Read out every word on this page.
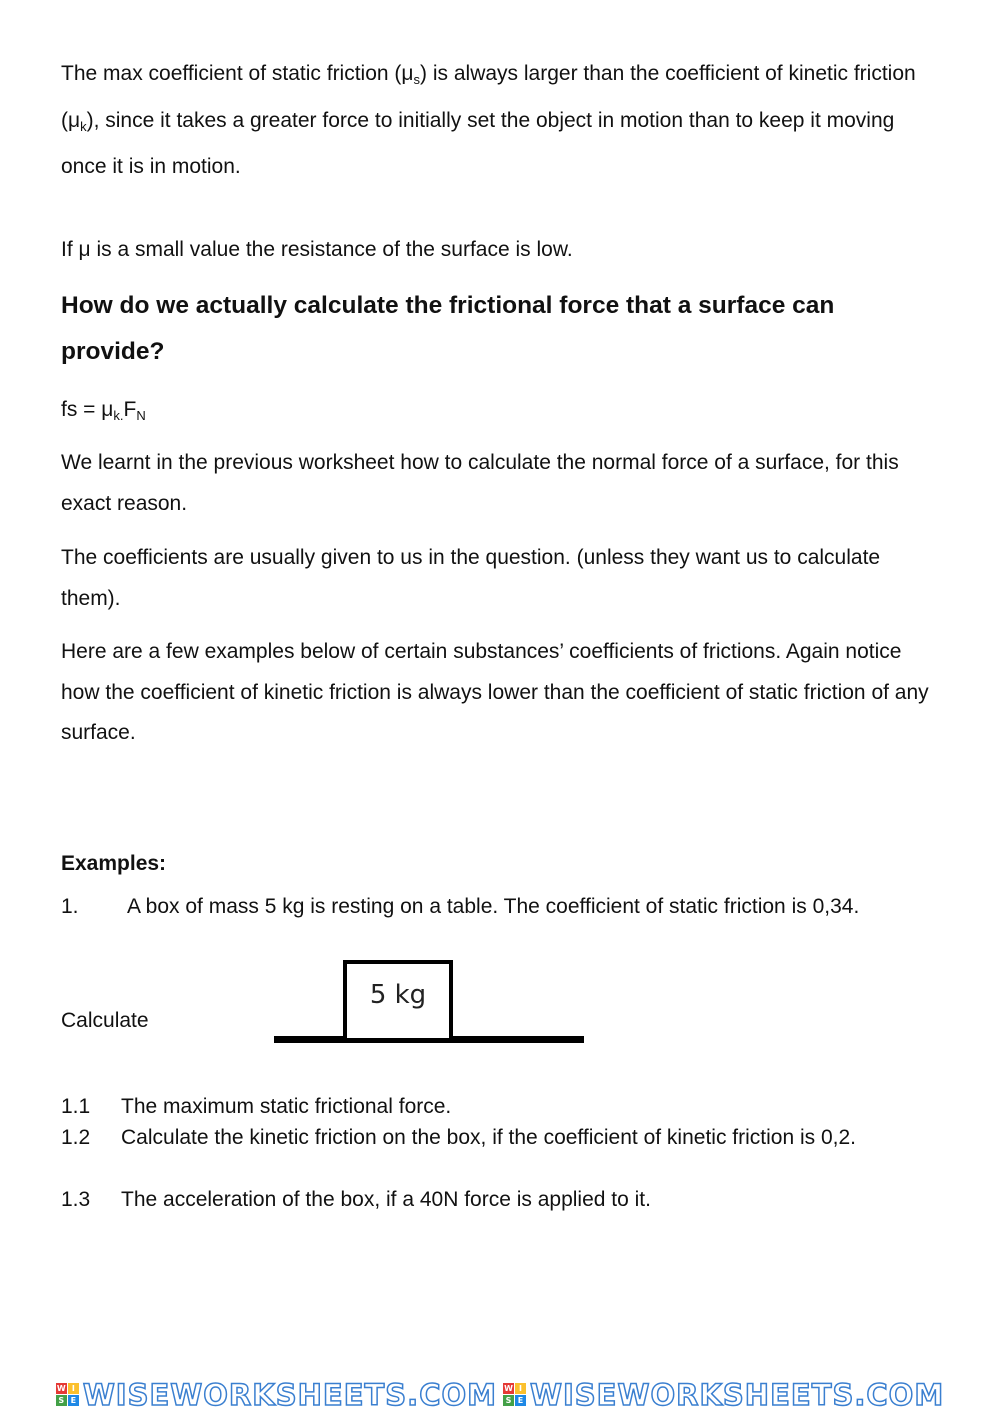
The max coefficient of static friction $(\mu_s)$ is always larger than the coefficient of kinetic friction $(\mu_k)$, since it takes a greater force to initially set the object in motion than to keep it moving once it is in motion.

If μ is a small value the resistance of the surface is low.

How do we actually calculate the frictional force that a surface can provide?
fs = $\mu_{k.}F_N$

We learnt in the previous worksheet how to calculate the normal force of a surface, for this exact reason.

The coefficients are usually given to us in the question. (unless they want us to calculate them).

Here are a few examples below of certain substances’ coefficients of frictions. Again notice how the coefficient of kinetic friction is always lower than the coefficient of static friction of any surface.

Examples:
1. A box of mass 5 kg is resting on a table. The coefficient of static friction is 0,34.
Calculate
5 kg
1.1 The maximum static frictional force.
1.2 Calculate the kinetic friction on the box, if the coefficient of kinetic friction is 0,2.
1.3 The acceleration of the box, if a 40N force is applied to it.
W I
S E WISEWORKSHEETS.COM W I
S E WISEWORKSHEETS.COM
